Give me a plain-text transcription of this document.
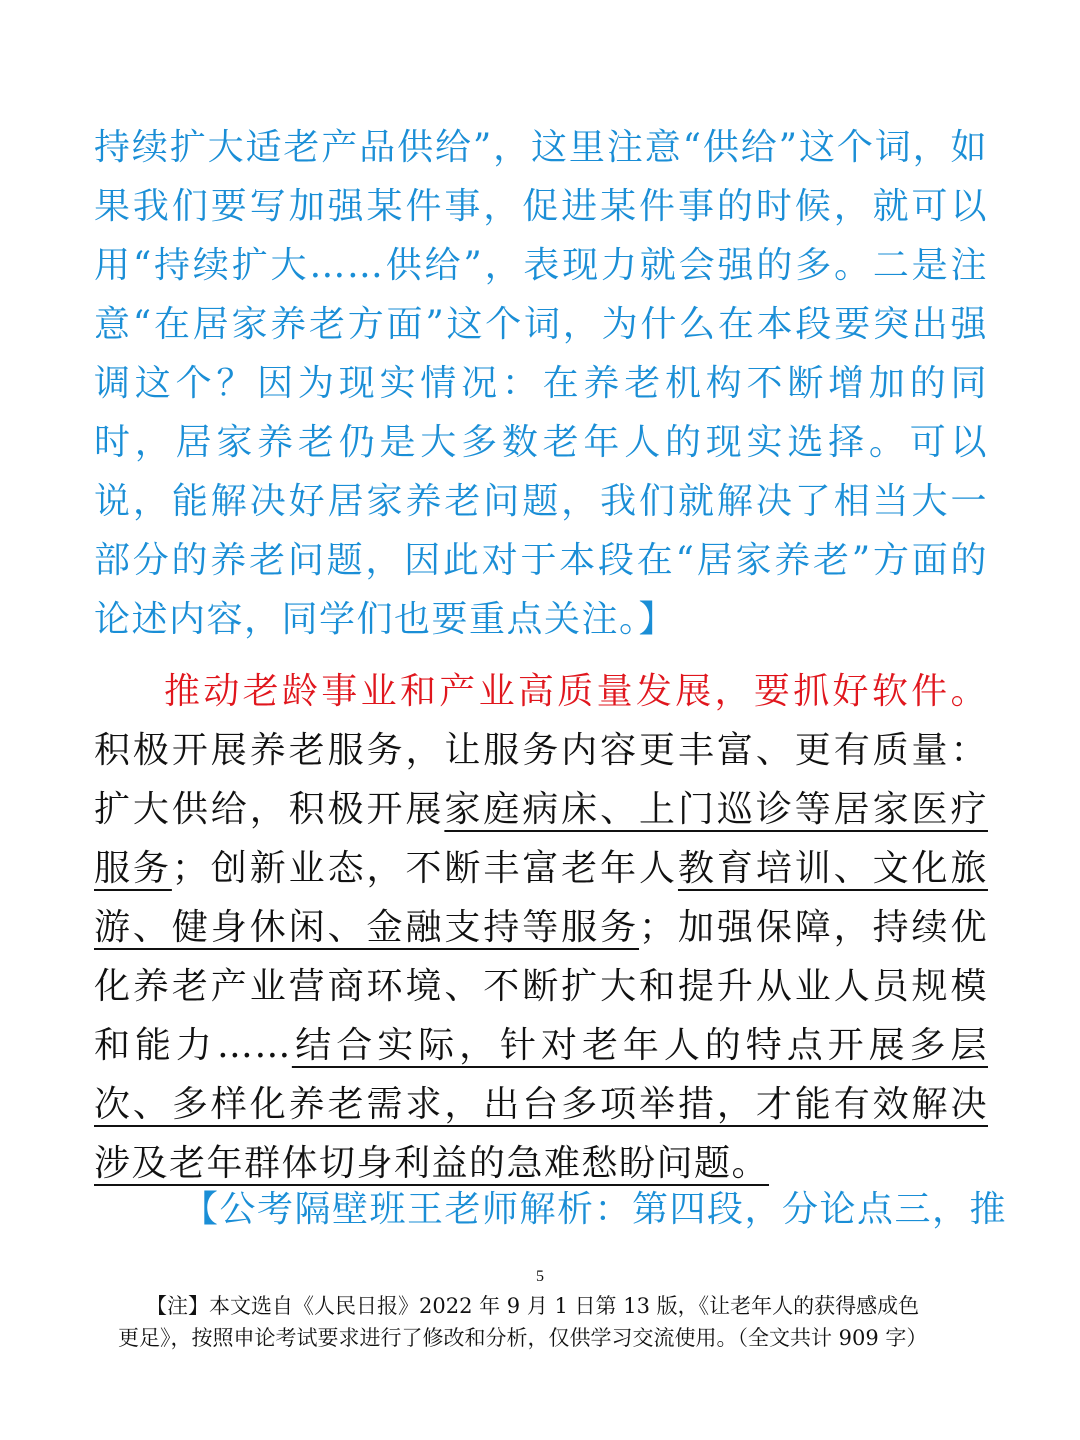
持续扩大适老产品供给”，这里注意“供给”这个词，如果我们要写加强某件事，促进某件事的时候，就可以用“持续扩大……供给”，表现力就会强的多。二是注意“在居家养老方面”这个词，为什么在本段要突出强调这个？因为现实情况：在养老机构不断增加的同时，居家养老仍是大多数老年人的现实选择。可以说，能解决好居家养老问题，我们就解决了相当大一部分的养老问题，因此对于本段在“居家养老”方面的论述内容，同学们也要重点关注。】

推动老龄事业和产业高质量发展，要抓好软件。积极开展养老服务，让服务内容更丰富、更有质量：扩大供给，积极开展家庭病床、上门巡诊等居家医疗服务；创新业态，不断丰富老年人教育培训、文化旅游、健身休闲、金融支持等服务；加强保障，持续优化养老产业营商环境、不断扩大和提升从业人员规模和能力……结合实际，针对老年人的特点开展多层次、多样化养老需求，出台多项举措，才能有效解决涉及老年群体切身利益的急难愁盼问题。

【公考隔壁班王老师解析：第四段，分论点三，推

5

【注】本文选自《人民日报》2022 年 9 月 1 日第 13 版，《让老年人的获得感成色
更足》，按照申论考试要求进行了修改和分析，仅供学习交流使用。（全文共计 909 字）
